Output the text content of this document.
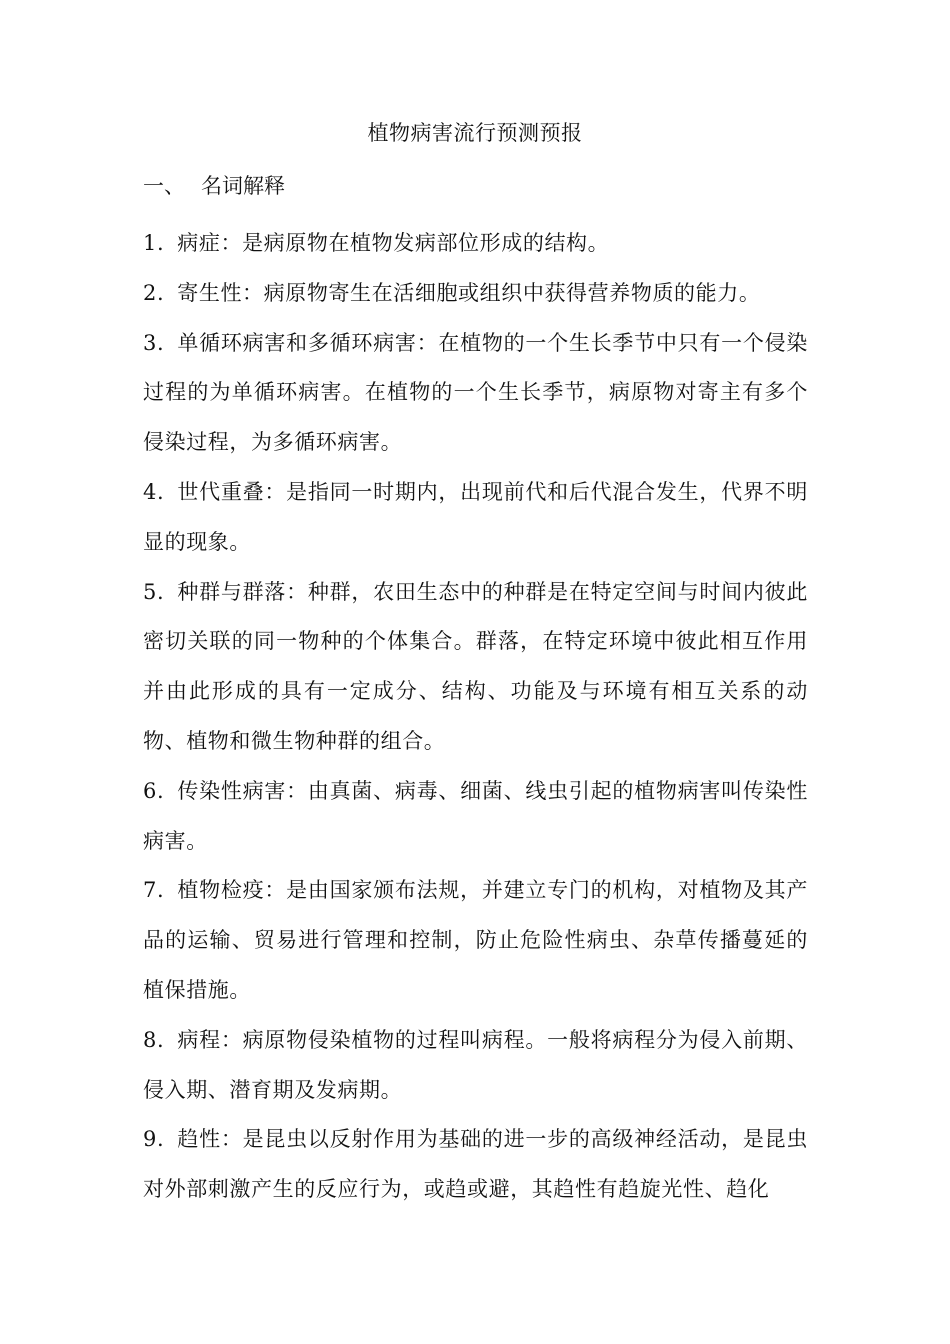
植物病害流行预测预报
一、 名词解释

1. 病症：是病原物在植物发病部位形成的结构。

2. 寄生性：病原物寄生在活细胞或组织中获得营养物质的能力。

3. 单循环病害和多循环病害：在植物的一个生长季节中只有一个侵染过程的为单循环病害。在植物的一个生长季节，病原物对寄主有多个侵染过程，为多循环病害。

4. 世代重叠：是指同一时期内，出现前代和后代混合发生，代界不明显的现象。

5. 种群与群落：种群，农田生态中的种群是在特定空间与时间内彼此密切关联的同一物种的个体集合。群落，在特定环境中彼此相互作用并由此形成的具有一定成分、结构、功能及与环境有相互关系的动物、植物和微生物种群的组合。

6. 传染性病害：由真菌、病毒、细菌、线虫引起的植物病害叫传染性病害。

7. 植物检疫：是由国家颁布法规，并建立专门的机构，对植物及其产品的运输、贸易进行管理和控制，防止危险性病虫、杂草传播蔓延的植保措施。

8. 病程：病原物侵染植物的过程叫病程。一般将病程分为侵入前期、侵入期、潜育期及发病期。

9. 趋性：是昆虫以反射作用为基础的进一步的高级神经活动，是昆虫对外部刺激产生的反应行为，或趋或避，其趋性有趋旋光性、趋化
